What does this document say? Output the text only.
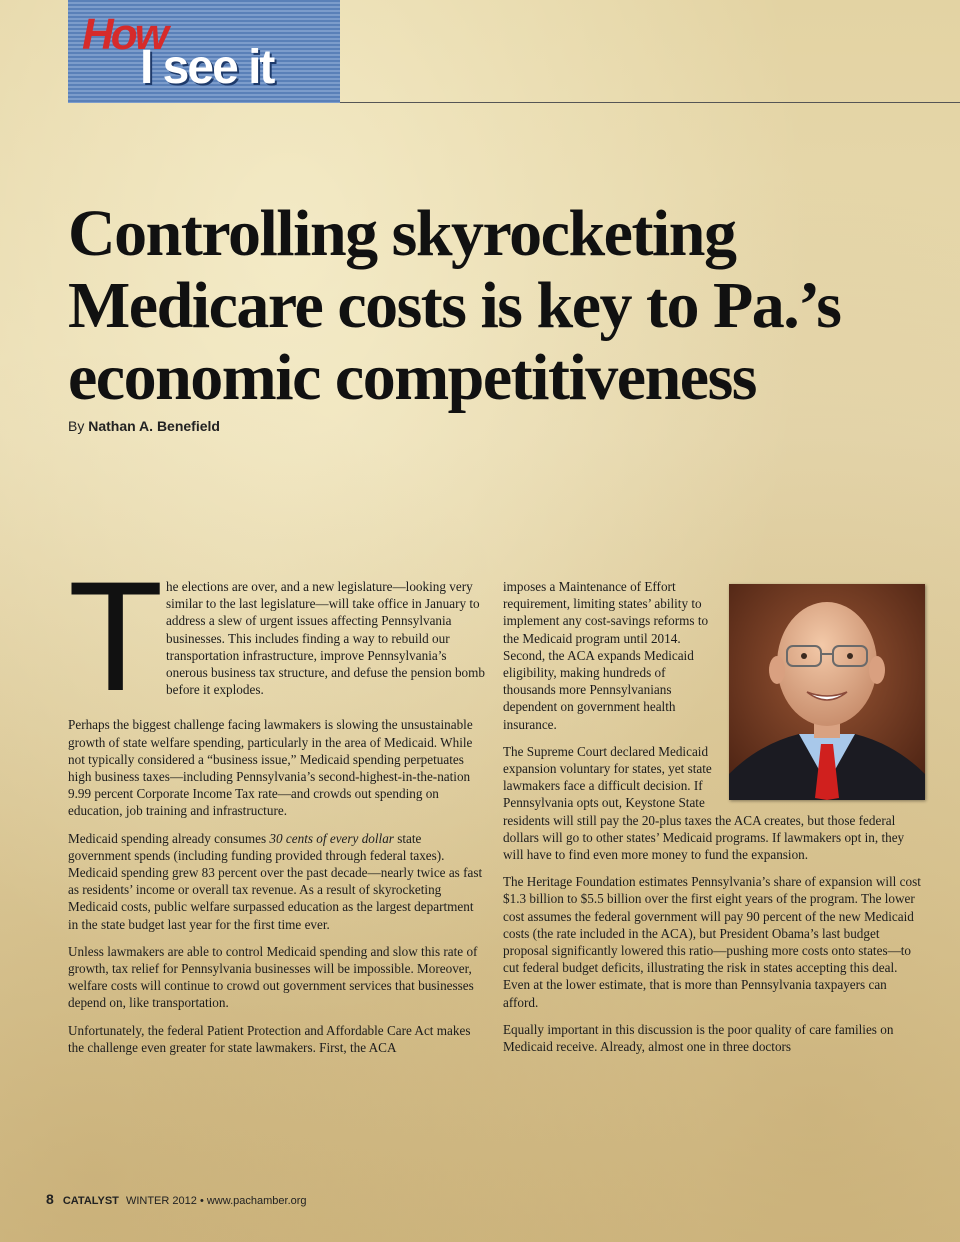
How
I see it
Controlling skyrocketing Medicare costs is key to Pa.’s economic competitiveness
By Nathan A. Benefield
T he elections are over, and a new legislature—looking very similar to the last legislature—will take office in January to address a slew of urgent issues affecting Pennsylvania businesses. This includes finding a way to rebuild our transportation infrastructure, improve Pennsylvania’s onerous business tax structure, and defuse the pension bomb before it explodes.

Perhaps the biggest challenge facing lawmakers is slowing the unsustainable growth of state welfare spending, particularly in the area of Medicaid. While not typically considered a “business issue,” Medicaid spending perpetuates high business taxes—including Pennsylvania’s second-highest-in-the-nation 9.99 percent Corporate Income Tax rate—and crowds out spending on education, job training and infrastructure.

Medicaid spending already consumes 30 cents of every dollar state government spends (including funding provided through federal taxes). Medicaid spending grew 83 percent over the past decade—nearly twice as fast as residents’ income or overall tax revenue. As a result of skyrocketing Medicaid costs, public welfare surpassed education as the largest department in the state budget last year for the first time ever.

Unless lawmakers are able to control Medicaid spending and slow this rate of growth, tax relief for Pennsylvania businesses will be impossible. Moreover, welfare costs will continue to crowd out government services that businesses depend on, like transportation.

Unfortunately, the federal Patient Protection and Affordable Care Act makes the challenge even greater for state lawmakers. First, the ACA

imposes a Maintenance of Effort requirement, limiting states’ ability to implement any cost-savings reforms to the Medicaid program until 2014. Second, the ACA expands Medicaid eligibility, making hundreds of thousands more Pennsylvanians dependent on government health insurance.

The Supreme Court declared Medicaid expansion voluntary for states, yet state lawmakers face a difficult decision. If Pennsylvania opts out, Keystone State residents will still pay the 20-plus taxes the ACA creates, but those federal dollars will go to other states’ Medicaid programs. If lawmakers opt in, they will have to find even more money to fund the expansion.

The Heritage Foundation estimates Pennsylvania’s share of expansion will cost $1.3 billion to $5.5 billion over the first eight years of the program. The lower cost assumes the federal government will pay 90 percent of the new Medicaid costs (the rate included in the ACA), but President Obama’s last budget proposal significantly lowered this ratio—pushing more costs onto states—to cut federal budget deficits, illustrating the risk in states accepting this deal. Even at the lower estimate, that is more than Pennsylvania taxpayers can afford.

Equally important in this discussion is the poor quality of care families on Medicaid receive. Already, almost one in three doctors

8 CATALYST WINTER 2012 • www.pachamber.org
